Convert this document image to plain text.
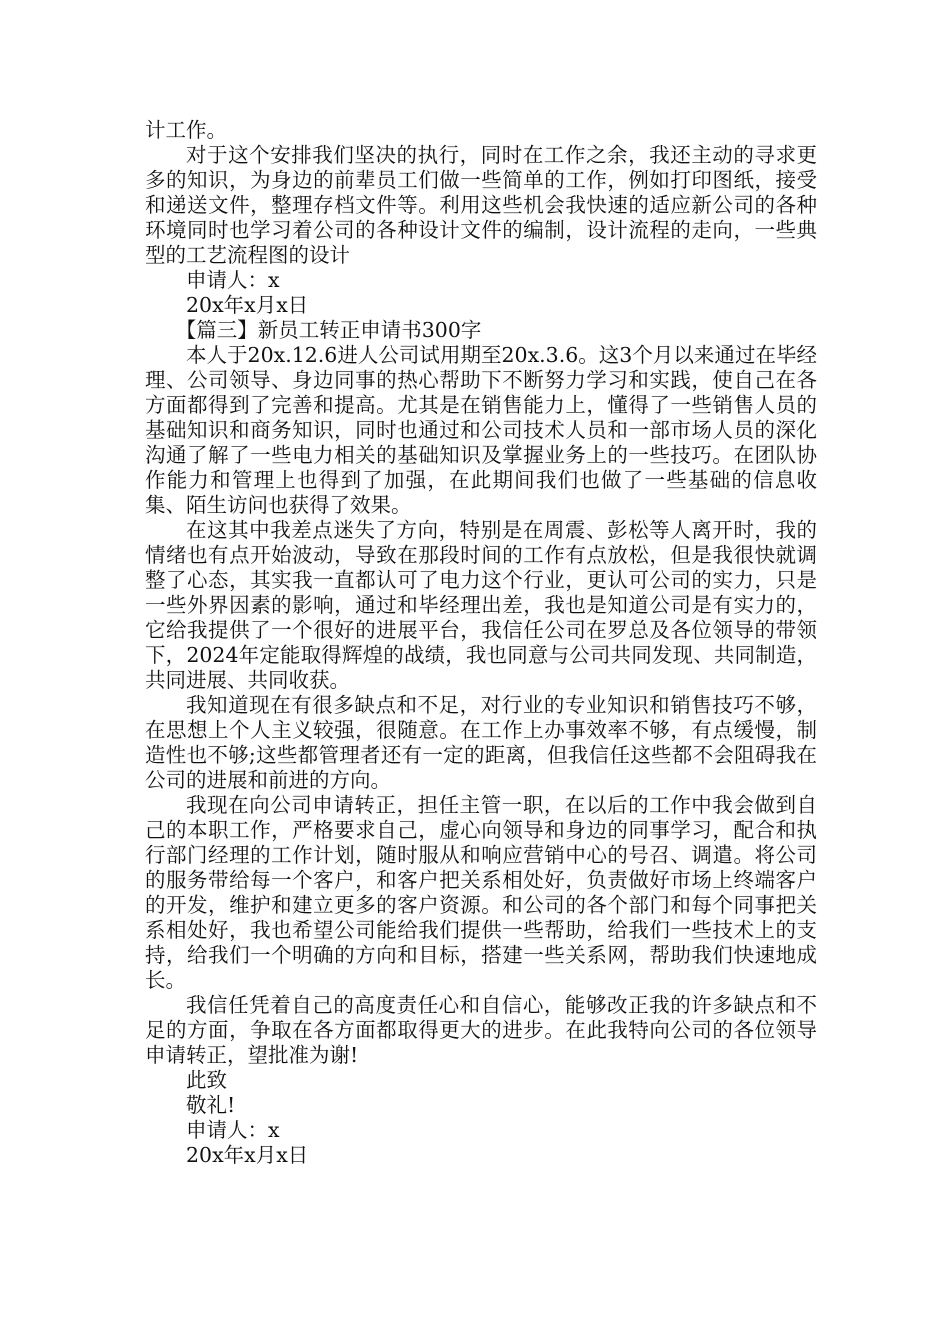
计工作。

对于这个安排我们坚决的执行，同时在工作之余，我还主动的寻求更多的知识，为身边的前辈员工们做一些简单的工作，例如打印图纸，接受和递送文件，整理存档文件等。利用这些机会我快速的适应新公司的各种环境同时也学习着公司的各种设计文件的编制，设计流程的走向，一些典型的工艺流程图的设计

申请人：x

20x年x月x日

【篇三】新员工转正申请书300字

本人于20x.12.6进人公司试用期至20x.3.6。这3个月以来通过在毕经理、公司领导、身边同事的热心帮助下不断努力学习和实践，使自己在各方面都得到了完善和提高。尤其是在销售能力上，懂得了一些销售人员的基础知识和商务知识，同时也通过和公司技术人员和一部市场人员的深化沟通了解了一些电力相关的基础知识及掌握业务上的一些技巧。在团队协作能力和管理上也得到了加强，在此期间我们也做了一些基础的信息收集、陌生访问也获得了效果。

在这其中我差点迷失了方向，特别是在周震、彭松等人离开时，我的情绪也有点开始波动，导致在那段时间的工作有点放松，但是我很快就调整了心态，其实我一直都认可了电力这个行业，更认可公司的实力，只是一些外界因素的影响，通过和毕经理出差，我也是知道公司是有实力的，它给我提供了一个很好的进展平台，我信任公司在罗总及各位领导的带领下，2024年定能取得辉煌的战绩，我也同意与公司共同发现、共同制造，共同进展、共同收获。

我知道现在有很多缺点和不足，对行业的专业知识和销售技巧不够，在思想上个人主义较强，很随意。在工作上办事效率不够，有点缓慢，制造性也不够;这些都管理者还有一定的距离，但我信任这些都不会阻碍我在公司的进展和前进的方向。

我现在向公司申请转正，担任主管一职，在以后的工作中我会做到自己的本职工作，严格要求自己，虚心向领导和身边的同事学习，配合和执行部门经理的工作计划，随时服从和响应营销中心的号召、调遣。将公司的服务带给每一个客户，和客户把关系相处好，负责做好市场上终端客户的开发，维护和建立更多的客户资源。和公司的各个部门和每个同事把关系相处好，我也希望公司能给我们提供一些帮助，给我们一些技术上的支持，给我们一个明确的方向和目标，搭建一些关系网，帮助我们快速地成长。

我信任凭着自己的高度责任心和自信心，能够改正我的许多缺点和不足的方面，争取在各方面都取得更大的进步。在此我特向公司的各位领导申请转正，望批准为谢!

此致

敬礼!

申请人：x

20x年x月x日
